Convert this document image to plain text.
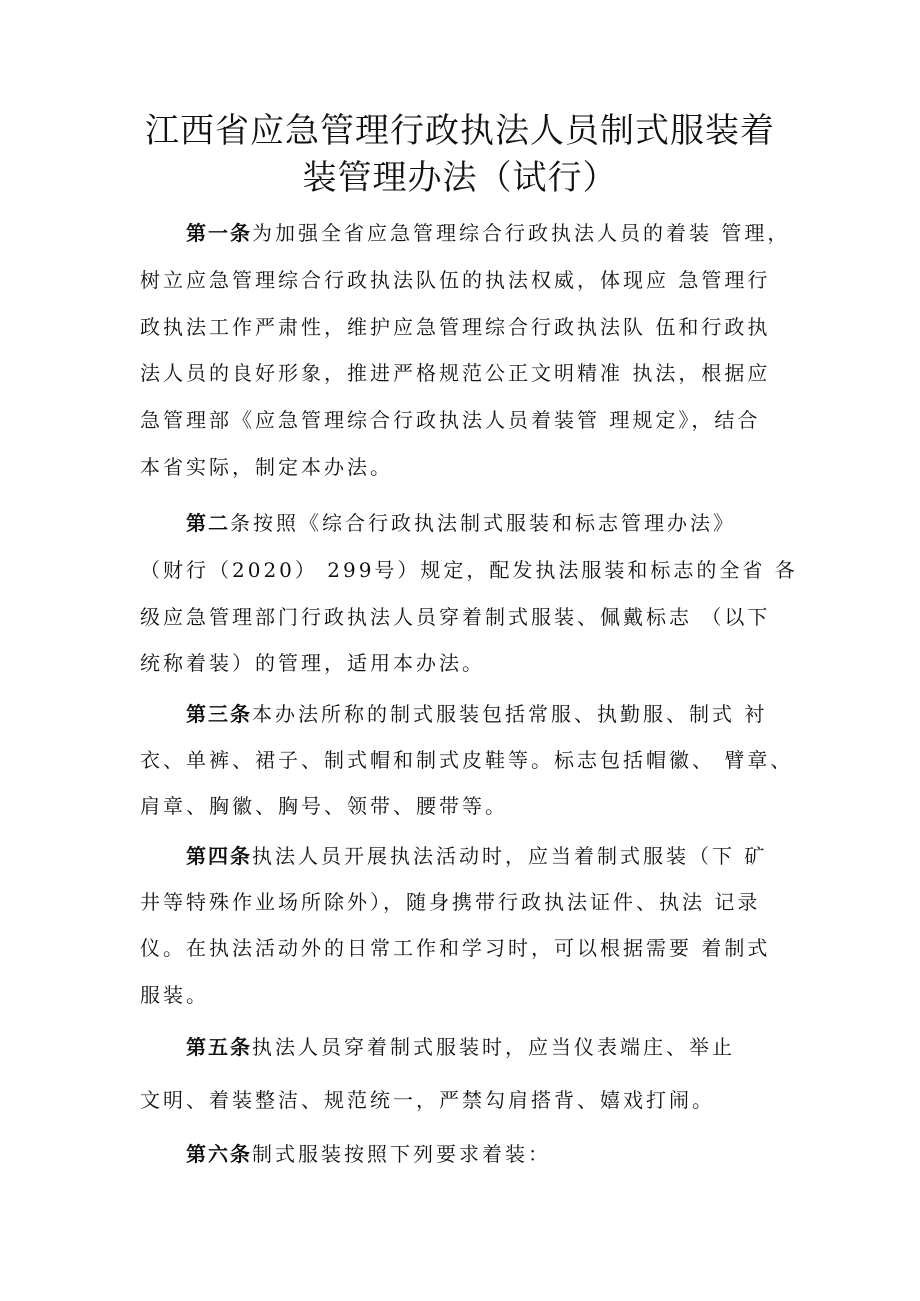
江西省应急管理行政执法人员制式服装着
装管理办法（试行）

第一条为加强全省应急管理综合行政执法人员的着装 管理，

树立应急管理综合行政执法队伍的执法权威，体现应 急管理行

政执法工作严肃性，维护应急管理综合行政执法队 伍和行政执

法人员的良好形象，推进严格规范公正文明精准 执法，根据应

急管理部《应急管理综合行政执法人员着装管 理规定》，结合

本省实际，制定本办法。

第二条按照《综合行政执法制式服装和标志管理办法》

（财行（2020） 299号）规定，配发执法服装和标志的全省 各

级应急管理部门行政执法人员穿着制式服装、佩戴标志 （以下

统称着装）的管理，适用本办法。

第三条本办法所称的制式服装包括常服、执勤服、制式 衬

衣、单裤、裙子、制式帽和制式皮鞋等。标志包括帽徽、 臂章、

肩章、胸徽、胸号、领带、腰带等。

第四条执法人员开展执法活动时，应当着制式服装（下 矿

井等特殊作业场所除外），随身携带行政执法证件、执法 记录

仪。在执法活动外的日常工作和学习时，可以根据需要 着制式

服装。

第五条执法人员穿着制式服装时，应当仪表端庄、举止

文明、着装整洁、规范统一，严禁勾肩搭背、嬉戏打闹。

第六条制式服装按照下列要求着装：
